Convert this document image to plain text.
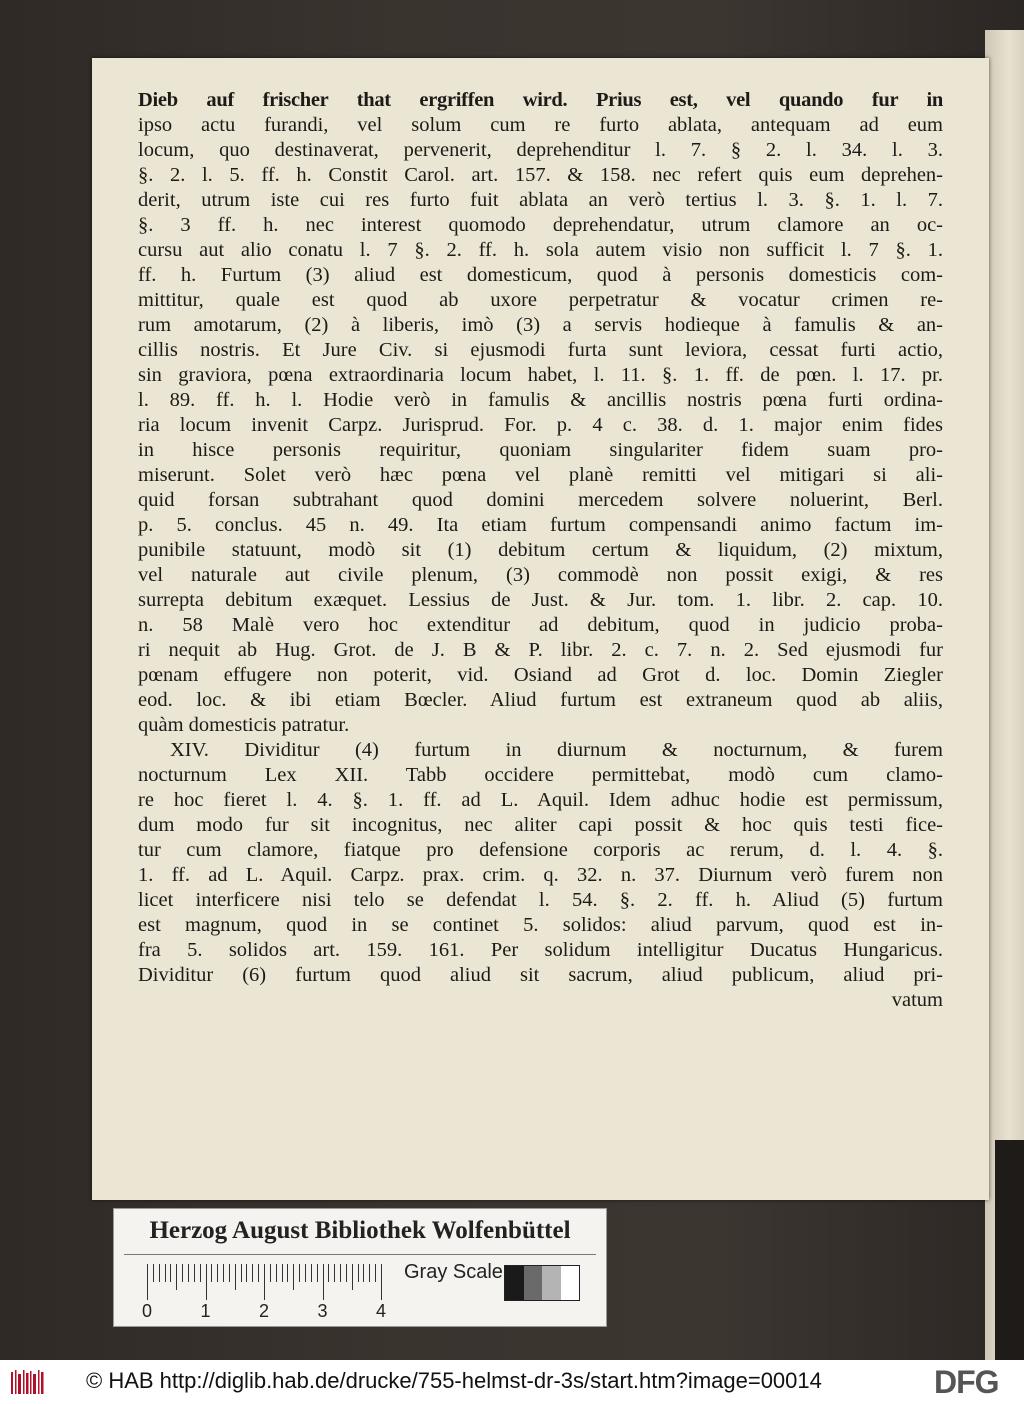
Dieb auf frischer that ergriffen wird. Prius est, vel quando fur in
ipso actu furandi, vel solum cum re furto ablata, antequam ad eum
locum, quo destinaverat, pervenerit, deprehenditur l. 7. § 2. l. 34. l. 3.
§. 2. l. 5. ff. h. Constit Carol. art. 157. & 158. nec refert quis eum deprehen-
derit, utrum iste cui res furto fuit ablata an verò tertius l. 3. §. 1. l. 7.
§. 3 ff. h. nec interest quomodo deprehendatur, utrum clamore an oc-
cursu aut alio conatu l. 7 §. 2. ff. h. sola autem visio non sufficit l. 7 §. 1.
ff. h. Furtum (3) aliud est domesticum, quod à personis domesticis com-
mittitur, quale est quod ab uxore perpetratur & vocatur crimen re-
rum amotarum, (2) à liberis, imò (3) a servis hodieque à famulis & an-
cillis nostris. Et Jure Civ. si ejusmodi furta sunt leviora, cessat furti actio,
sin graviora, pœna extraordinaria locum habet, l. 11. §. 1. ff. de pœn. l. 17. pr.
l. 89. ff. h. l. Hodie verò in famulis & ancillis nostris pœna furti ordina-
ria locum invenit Carpz. Jurisprud. For. p. 4 c. 38. d. 1. major enim fides
in hisce personis requiritur, quoniam singulariter fidem suam pro-
miserunt. Solet verò hæc pœna vel planè remitti vel mitigari si ali-
quid forsan subtrahant quod domini mercedem solvere noluerint, Berl.
p. 5. conclus. 45 n. 49. Ita etiam furtum compensandi animo factum im-
punibile statuunt, modò sit (1) debitum certum & liquidum, (2) mixtum,
vel naturale aut civile plenum, (3) commodè non possit exigi, & res
surrepta debitum exæquet. Lessius de Just. & Jur. tom. 1. libr. 2. cap. 10.
n. 58 Malè vero hoc extenditur ad debitum, quod in judicio proba-
ri nequit ab Hug. Grot. de J. B & P. libr. 2. c. 7. n. 2. Sed ejusmodi fur
pœnam effugere non poterit, vid. Osiand ad Grot d. loc. Domin Ziegler
eod. loc. & ibi etiam Bœcler. Aliud furtum est extraneum quod ab aliis,
quàm domesticis patratur.
XIV. Dividitur (4) furtum in diurnum & nocturnum, & furem
nocturnum Lex XII. Tabb occidere permittebat, modò cum clamo-
re hoc fieret l. 4. §. 1. ff. ad L. Aquil. Idem adhuc hodie est permissum,
dum modo fur sit incognitus, nec aliter capi possit & hoc quis testi fice-
tur cum clamore, fiatque pro defensione corporis ac rerum, d. l. 4. §.
1. ff. ad L. Aquil. Carpz. prax. crim. q. 32. n. 37. Diurnum verò furem non
licet interficere nisi telo se defendat l. 54. §. 2. ff. h. Aliud (5) furtum
est magnum, quod in se continet 5. solidos: aliud parvum, quod est in-
fra 5. solidos art. 159. 161. Per solidum intelligitur Ducatus Hungaricus.
Dividitur (6) furtum quod aliud sit sacrum, aliud publicum, aliud pri-
vatum
Herzog August Bibliothek Wolfenbüttel
0	1	2	3	4
Gray Scale
© HAB http://diglib.hab.de/drucke/755-helmst-dr-3s/start.htm?image=00014	DFG
